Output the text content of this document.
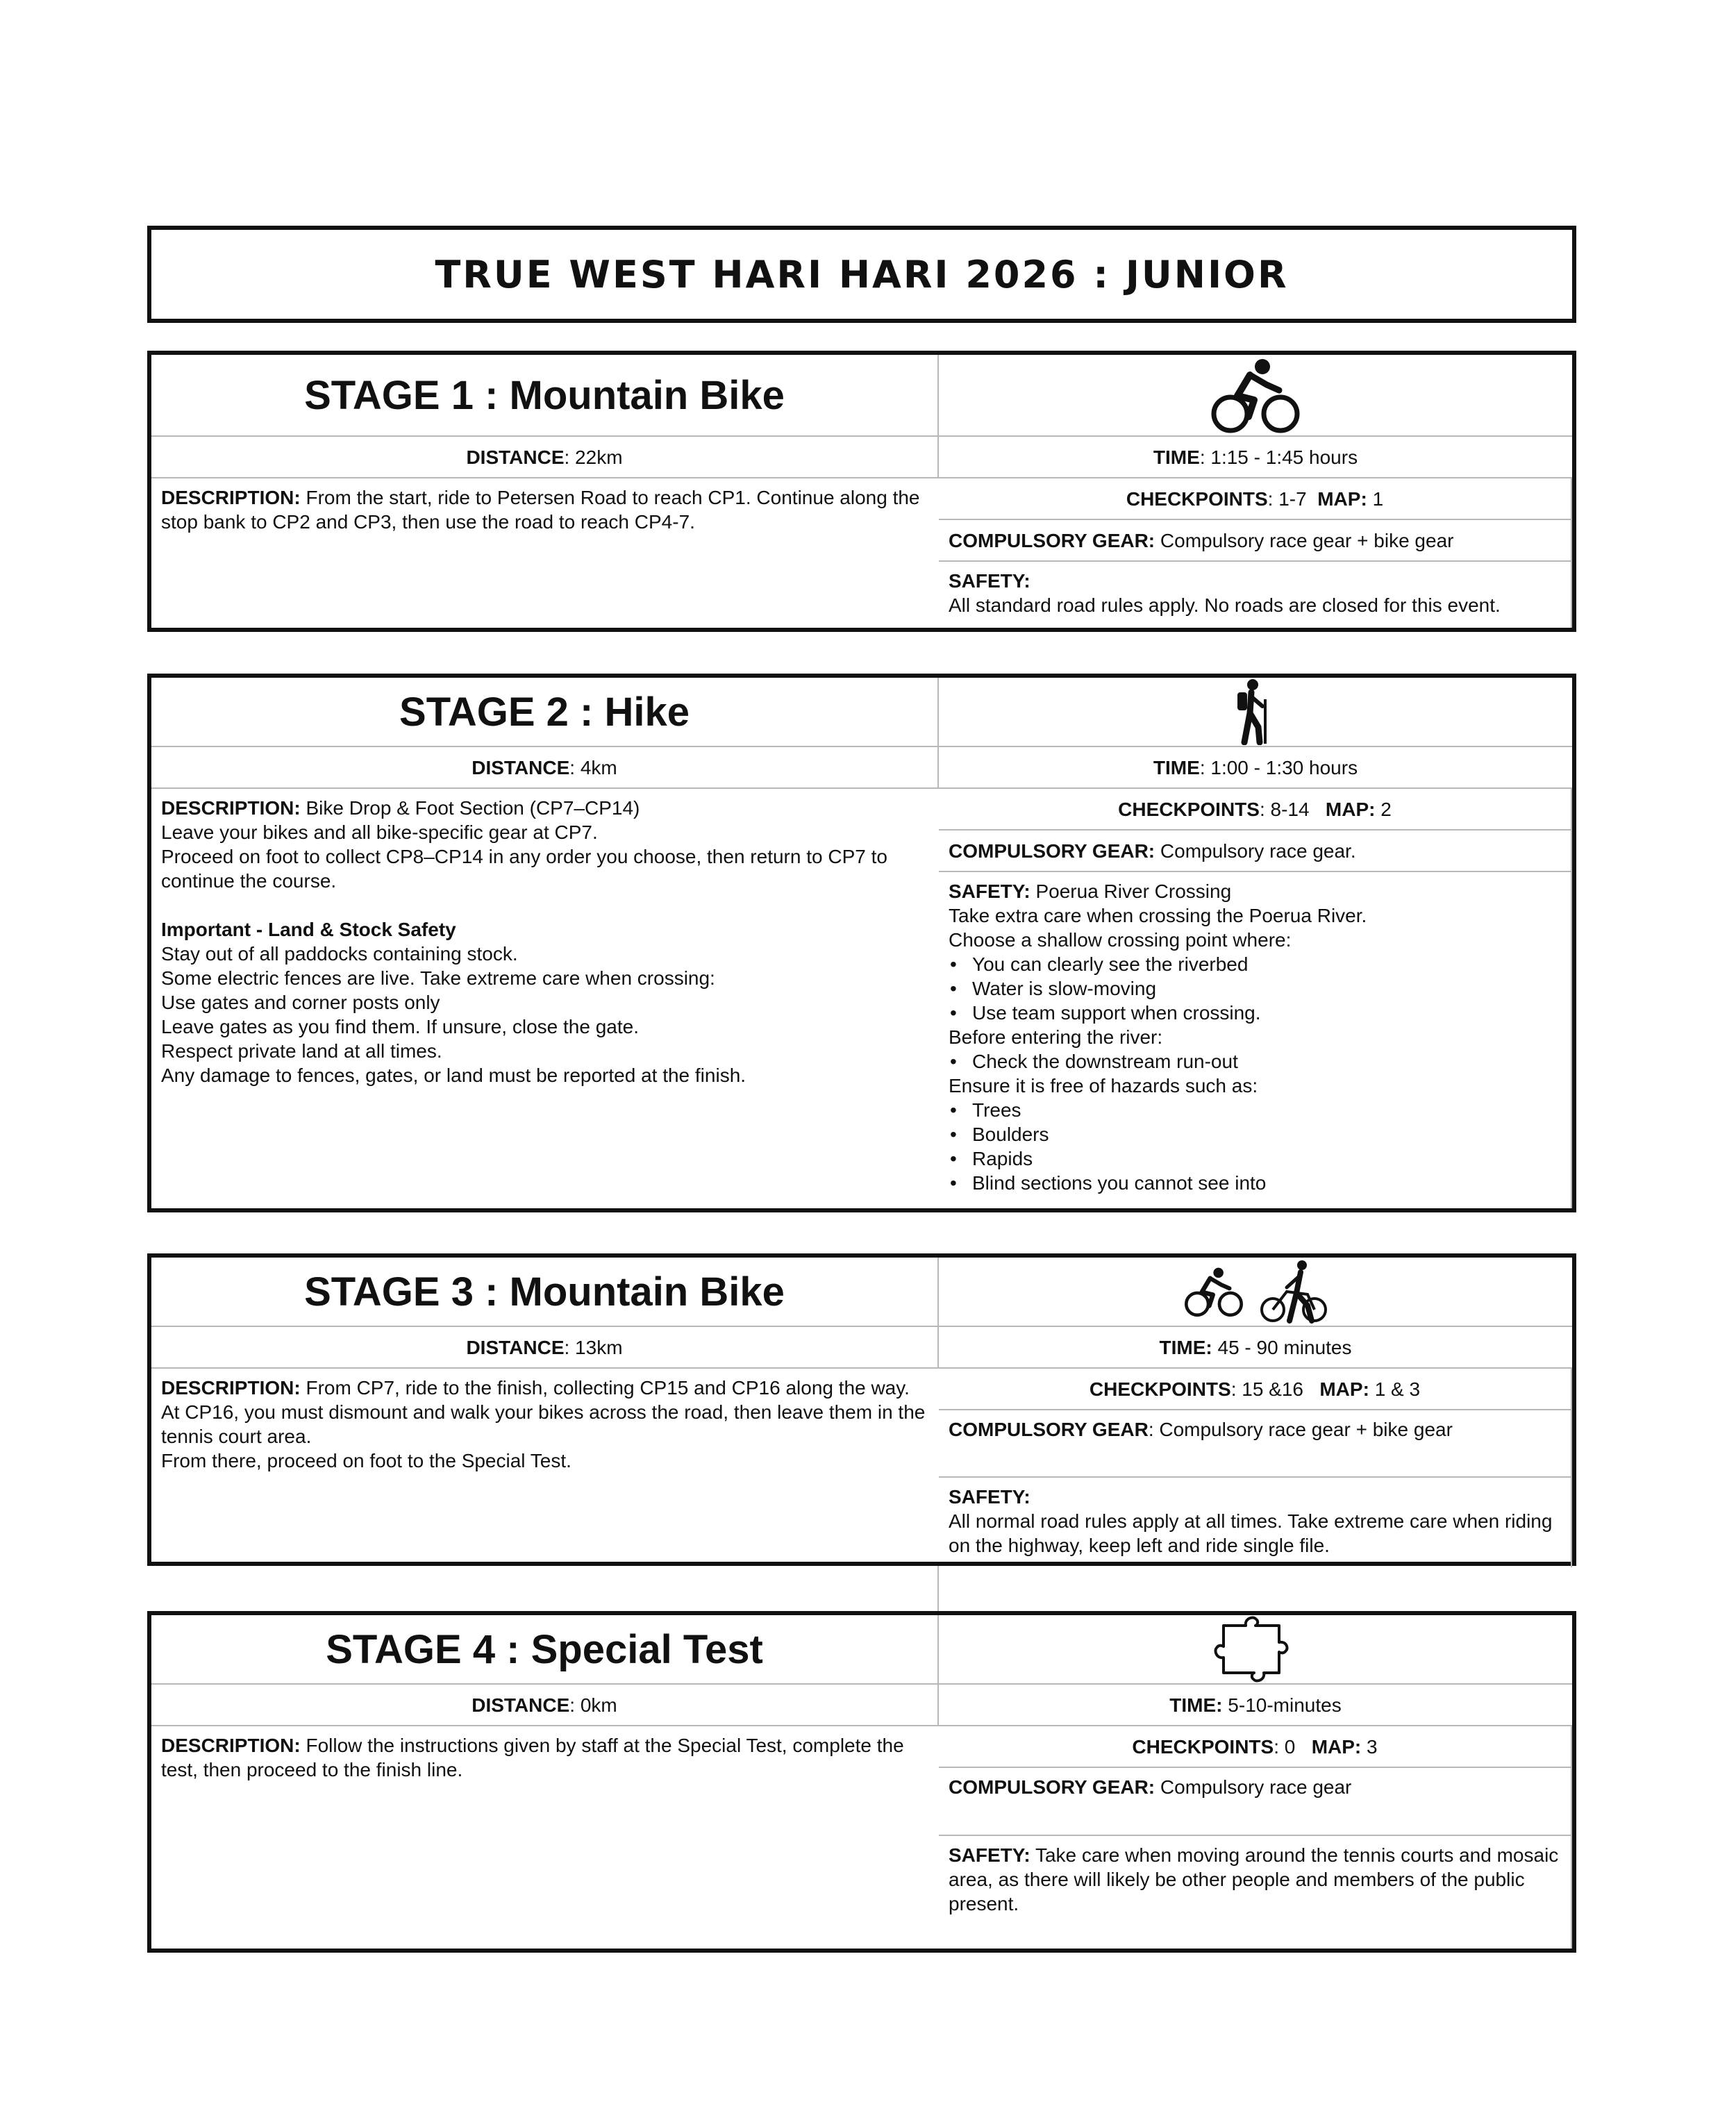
TRUE WEST HARI HARI 2026 : JUNIOR
STAGE 1 : Mountain Bike
DISTANCE: 22km	TIME: 1:15 - 1:45 hours
CHECKPOINTS: 1-7 MAP: 1
DESCRIPTION: From the start, ride to Petersen Road to reach CP1. Continue along the stop bank to CP2 and CP3, then use the road to reach CP4-7.
COMPULSORY GEAR: Compulsory race gear + bike gear
SAFETY:
All standard road rules apply. No roads are closed for this event.
STAGE 2 : Hike
DISTANCE: 4km	TIME: 1:00 - 1:30 hours
CHECKPOINTS: 8-14 MAP: 2
DESCRIPTION: Bike Drop & Foot Section (CP7–CP14)
Leave your bikes and all bike-specific gear at CP7.
Proceed on foot to collect CP8–CP14 in any order you choose, then return to CP7 to continue the course.
Important - Land & Stock Safety
Stay out of all paddocks containing stock.
Some electric fences are live. Take extreme care when crossing:
Use gates and corner posts only
Leave gates as you find them. If unsure, close the gate.
Respect private land at all times.
Any damage to fences, gates, or land must be reported at the finish.
COMPULSORY GEAR: Compulsory race gear.
SAFETY: Poerua River Crossing
Take extra care when crossing the Poerua River.
Choose a shallow crossing point where:
• You can clearly see the riverbed
• Water is slow-moving
• Use team support when crossing.
Before entering the river:
• Check the downstream run-out
Ensure it is free of hazards such as:
• Trees
• Boulders
• Rapids
• Blind sections you cannot see into
STAGE 3 : Mountain Bike
DISTANCE: 13km	TIME: 45 - 90 minutes
CHECKPOINTS: 15 &16 MAP: 1 & 3
DESCRIPTION: From CP7, ride to the finish, collecting CP15 and CP16 along the way.
At CP16, you must dismount and walk your bikes across the road, then leave them in the tennis court area.
From there, proceed on foot to the Special Test.
COMPULSORY GEAR: Compulsory race gear + bike gear
SAFETY:
All normal road rules apply at all times. Take extreme care when riding on the highway, keep left and ride single file.
STAGE 4 : Special Test
DISTANCE: 0km	TIME: 5-10-minutes
CHECKPOINTS: 0 MAP: 3
DESCRIPTION: Follow the instructions given by staff at the Special Test, complete the test, then proceed to the finish line.
COMPULSORY GEAR: Compulsory race gear
SAFETY: Take care when moving around the tennis courts and mosaic area, as there will likely be other people and members of the public present.
